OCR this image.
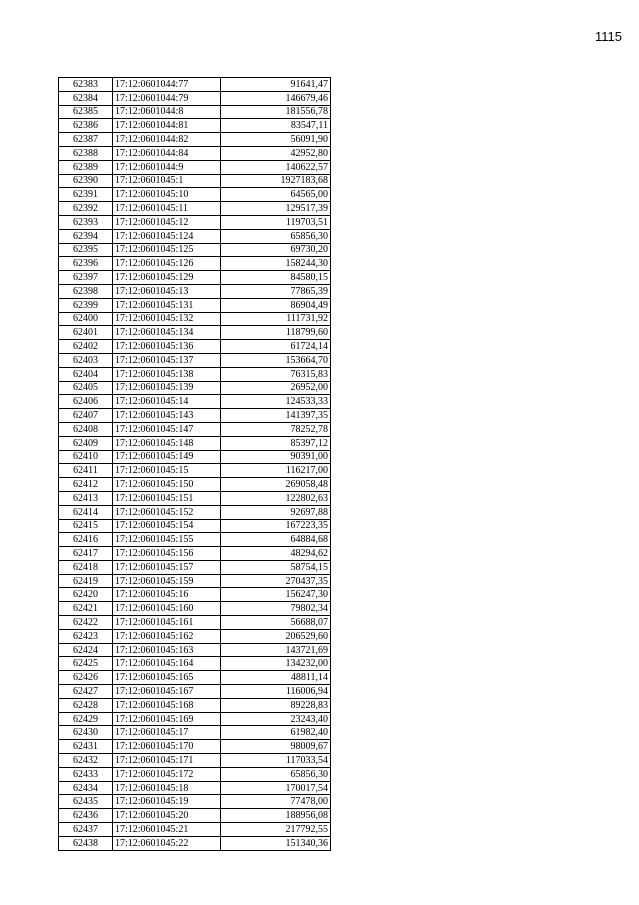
1115
62383	17:12:0601044:77	91641,47
62384	17:12:0601044:79	146679,46
62385	17:12:0601044:8	181556,78
62386	17:12:0601044:81	83547,11
62387	17:12:0601044:82	56091,90
62388	17:12:0601044:84	42952,80
62389	17:12:0601044:9	140622,57
62390	17:12:0601045:1	1927183,68
62391	17:12:0601045:10	64565,00
62392	17:12:0601045:11	129517,39
62393	17:12:0601045:12	119703,51
62394	17:12:0601045:124	65856,30
62395	17:12:0601045:125	69730,20
62396	17:12:0601045:126	158244,30
62397	17:12:0601045:129	84580,15
62398	17:12:0601045:13	77865,39
62399	17:12:0601045:131	86904,49
62400	17:12:0601045:132	111731,92
62401	17:12:0601045:134	118799,60
62402	17:12:0601045:136	61724,14
62403	17:12:0601045:137	153664,70
62404	17:12:0601045:138	76315,83
62405	17:12:0601045:139	26952,00
62406	17:12:0601045:14	124533,33
62407	17:12:0601045:143	141397,35
62408	17:12:0601045:147	78252,78
62409	17:12:0601045:148	85397,12
62410	17:12:0601045:149	90391,00
62411	17:12:0601045:15	116217,00
62412	17:12:0601045:150	269058,48
62413	17:12:0601045:151	122802,63
62414	17:12:0601045:152	92697,88
62415	17:12:0601045:154	167223,35
62416	17:12:0601045:155	64884,68
62417	17:12:0601045:156	48294,62
62418	17:12:0601045:157	58754,15
62419	17:12:0601045:159	270437,35
62420	17:12:0601045:16	156247,30
62421	17:12:0601045:160	79802,34
62422	17:12:0601045:161	56688,07
62423	17:12:0601045:162	206529,60
62424	17:12:0601045:163	143721,69
62425	17:12:0601045:164	134232,00
62426	17:12:0601045:165	48811,14
62427	17:12:0601045:167	116006,94
62428	17:12:0601045:168	89228,83
62429	17:12:0601045:169	23243,40
62430	17:12:0601045:17	61982,40
62431	17:12:0601045:170	98009,67
62432	17:12:0601045:171	117033,54
62433	17:12:0601045:172	65856,30
62434	17:12:0601045:18	170017,54
62435	17:12:0601045:19	77478,00
62436	17:12:0601045:20	188956,08
62437	17:12:0601045:21	217792,55
62438	17:12:0601045:22	151340,36
